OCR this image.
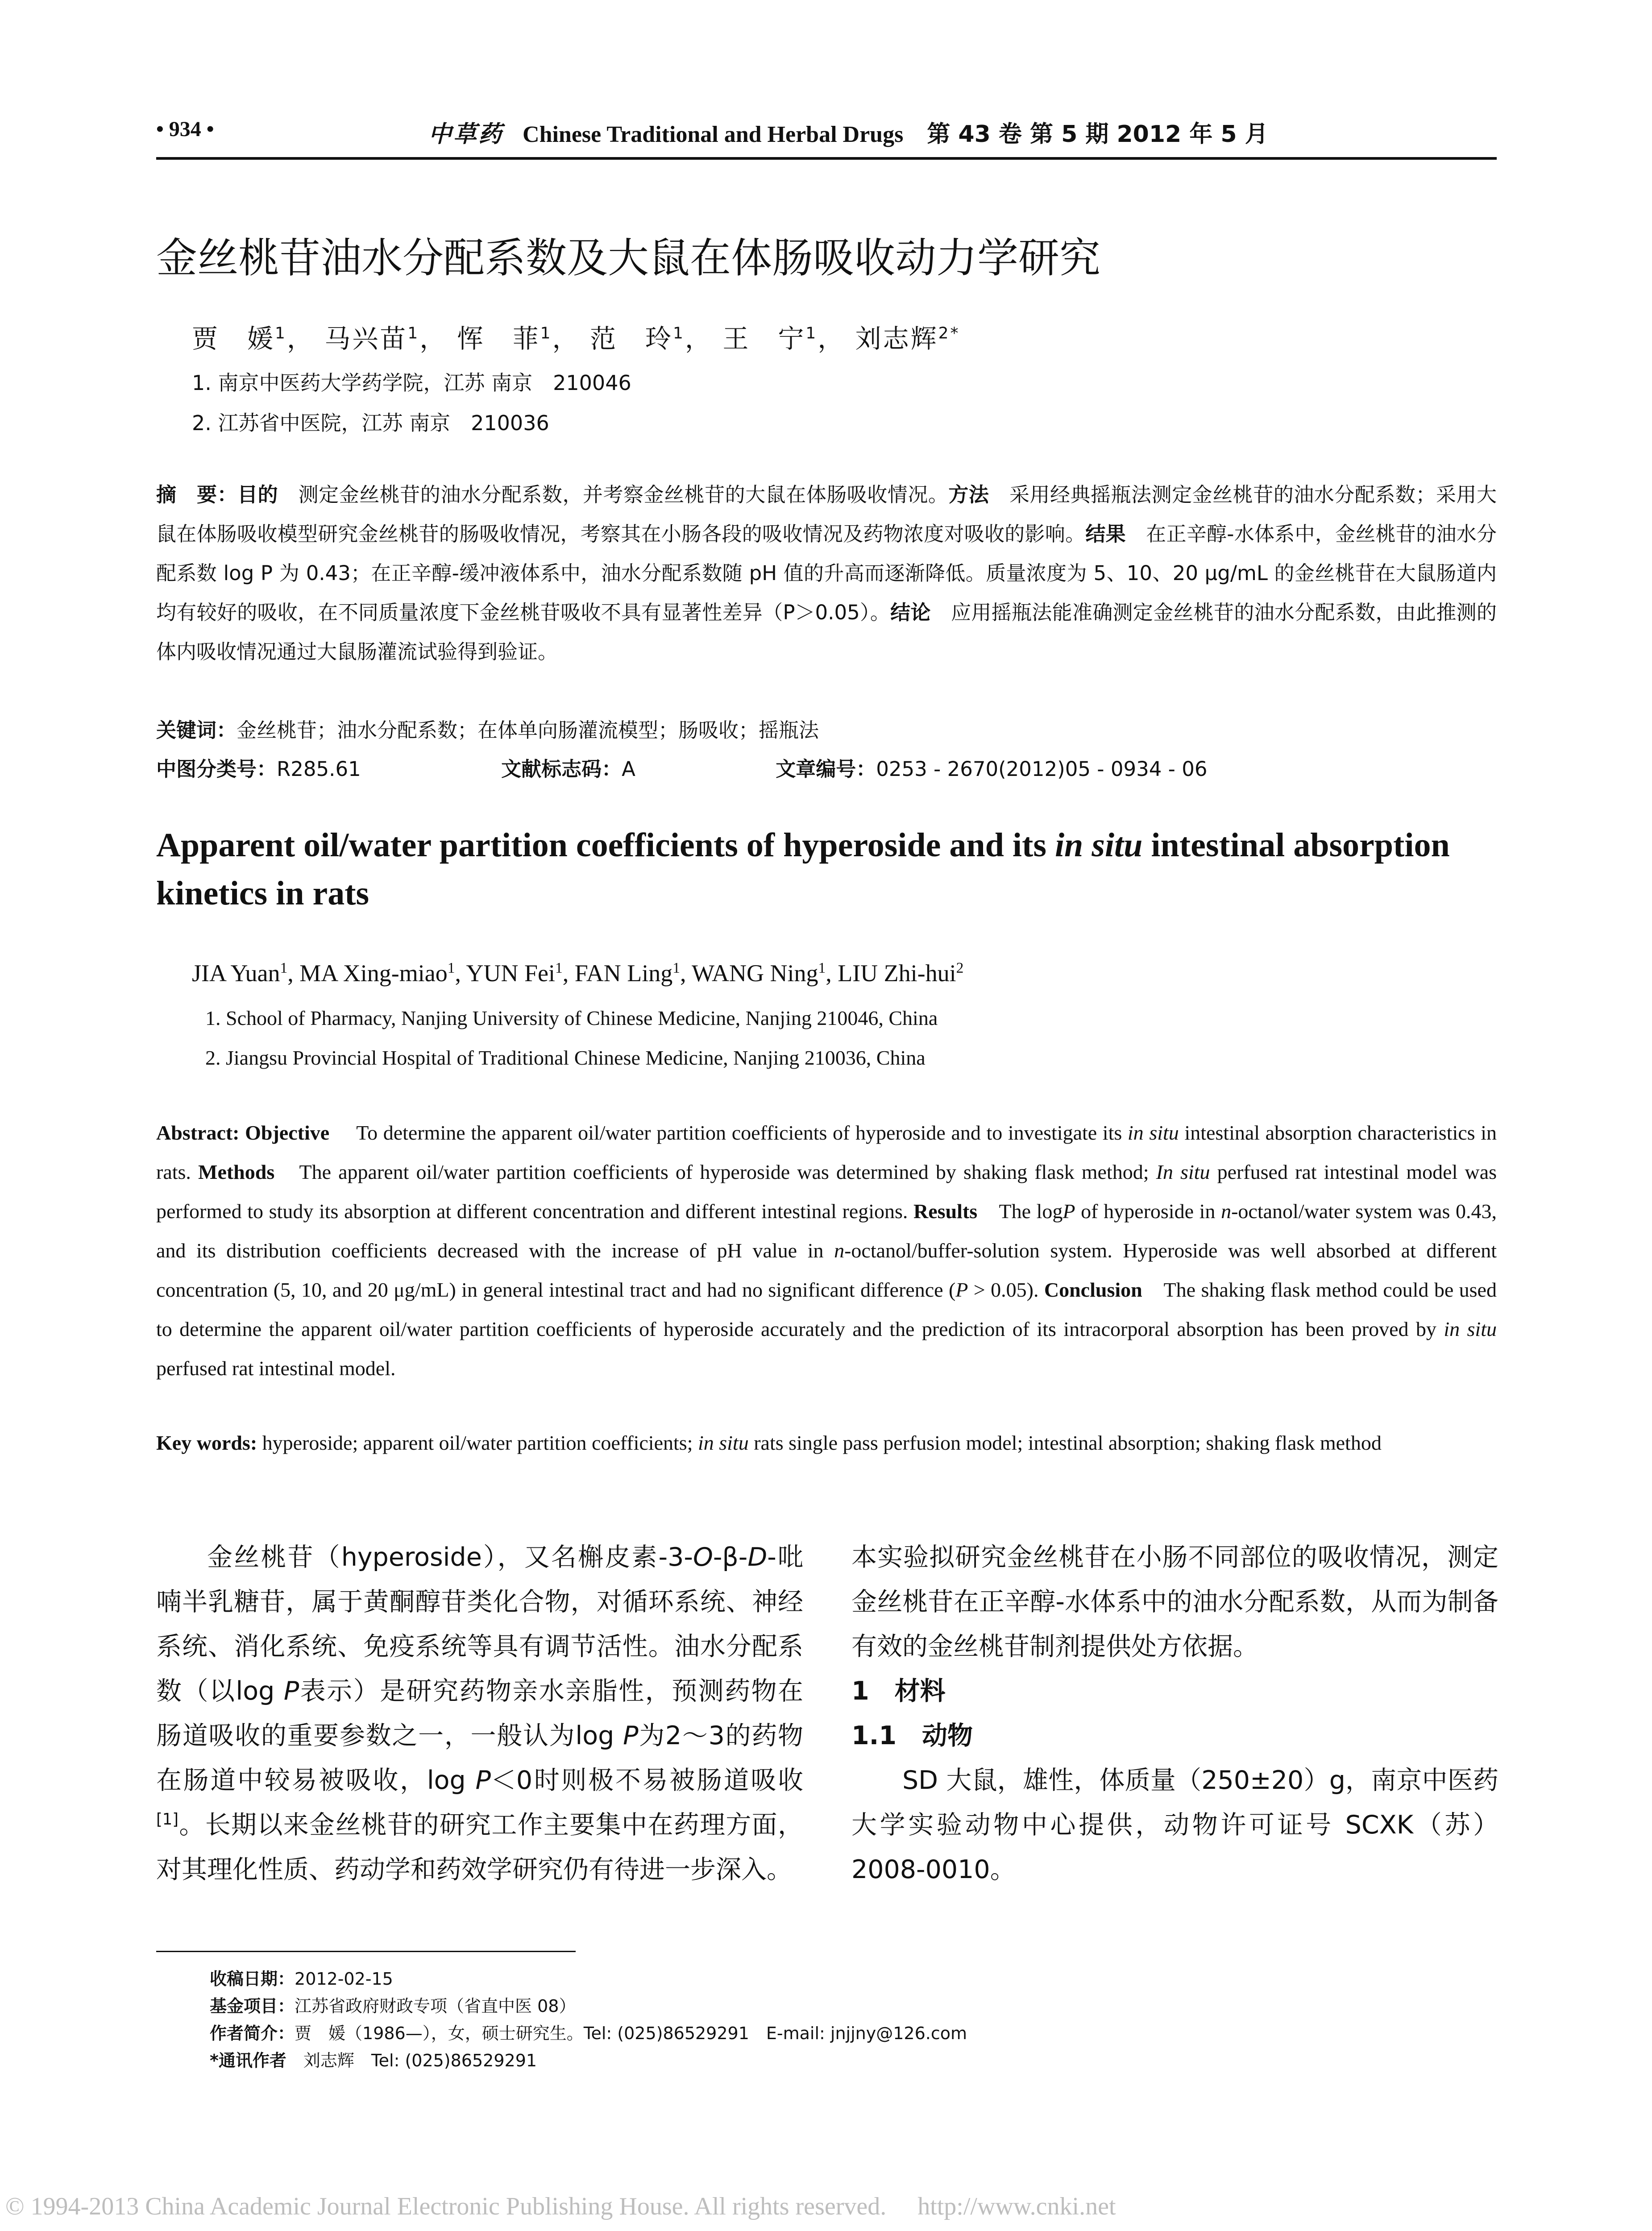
• 934 •	中草药 Chinese Traditional and Herbal Drugs 第 43 卷 第 5 期 2012 年 5 月
金丝桃苷油水分配系数及大鼠在体肠吸收动力学研究
贾　媛$^1$， 马兴苗$^1$， 恽　菲$^1$， 范　玲$^1$， 王　宁$^1$， 刘志辉$^{2*}$
1. 南京中医药大学药学院，江苏 南京　210046
2. 江苏省中医院，江苏 南京　210036
摘　要：目的　测定金丝桃苷的油水分配系数，并考察金丝桃苷的大鼠在体肠吸收情况。方法　采用经典摇瓶法测定金丝桃苷的油水分配系数；采用大鼠在体肠吸收模型研究金丝桃苷的肠吸收情况，考察其在小肠各段的吸收情况及药物浓度对吸收的影响。结果　在正辛醇-水体系中，金丝桃苷的油水分配系数 log P 为 0.43；在正辛醇-缓冲液体系中，油水分配系数随 pH 值的升高而逐渐降低。质量浓度为 5、10、20 μg/mL 的金丝桃苷在大鼠肠道内均有较好的吸收，在不同质量浓度下金丝桃苷吸收不具有显著性差异（P＞0.05）。结论　应用摇瓶法能准确测定金丝桃苷的油水分配系数，由此推测的体内吸收情况通过大鼠肠灌流试验得到验证。
关键词：金丝桃苷；油水分配系数；在体单向肠灌流模型；肠吸收；摇瓶法
中图分类号：R285.61	文献标志码：A	文章编号：0253 - 2670(2012)05 - 0934 - 06
Apparent oil/water partition coefficients of hyperoside and its in situ intestinal absorption kinetics in rats
JIA Yuan$^1$, MA Xing-miao$^1$, YUN Fei$^1$, FAN Ling$^1$, WANG Ning$^1$, LIU Zhi-hui$^2$
1. School of Pharmacy, Nanjing University of Chinese Medicine, Nanjing 210046, China
2. Jiangsu Provincial Hospital of Traditional Chinese Medicine, Nanjing 210036, China
Abstract: Objective　 To determine the apparent oil/water partition coefficients of hyperoside and to investigate its in situ intestinal absorption characteristics in rats. Methods　The apparent oil/water partition coefficients of hyperoside was determined by shaking flask method; In situ perfused rat intestinal model was performed to study its absorption at different concentration and different intestinal regions. Results　The logP of hyperoside in n-octanol/water system was 0.43, and its distribution coefficients decreased with the increase of pH value in n-octanol/buffer-solution system. Hyperoside was well absorbed at different concentration (5, 10, and 20 μg/mL) in general intestinal tract and had no significant difference (P > 0.05). Conclusion　The shaking flask method could be used to determine the apparent oil/water partition coefficients of hyperoside accurately and the prediction of its intracorporal absorption has been proved by in situ perfused rat intestinal model.
Key words: hyperoside; apparent oil/water partition coefficients; in situ rats single pass perfusion model; intestinal absorption; shaking flask method

金丝桃苷（hyperoside），又名槲皮素-3-O-β-D-吡喃半乳糖苷，属于黄酮醇苷类化合物，对循环系统、神经系统、消化系统、免疫系统等具有调节活性。油水分配系数（以log P表示）是研究药物亲水亲脂性，预测药物在肠道吸收的重要参数之一，一般认为log P为2～3的药物在肠道中较易被吸收，log P＜0时则极不易被肠道吸收[1]。长期以来金丝桃苷的研究工作主要集中在药理方面，对其理化性质、药动学和药效学研究仍有待进一步深入。

本实验拟研究金丝桃苷在小肠不同部位的吸收情况，测定金丝桃苷在正辛醇-水体系中的油水分配系数，从而为制备有效的金丝桃苷制剂提供处方依据。

1　材料

1.1　动物

SD 大鼠，雄性，体质量（250±20）g，南京中医药大学实验动物中心提供，动物许可证号 SCXK（苏）2008-0010。

收稿日期：2012-02-15
基金项目：江苏省政府财政专项（省直中医 08）
作者简介：贾　媛（1986—），女，硕士研究生。Tel: (025)86529291　E-mail: jnjjny@126.com
*通讯作者　刘志辉　Tel: (025)86529291
© 1994-2013 China Academic Journal Electronic Publishing House. All rights reserved.　 http://www.cnki.net
